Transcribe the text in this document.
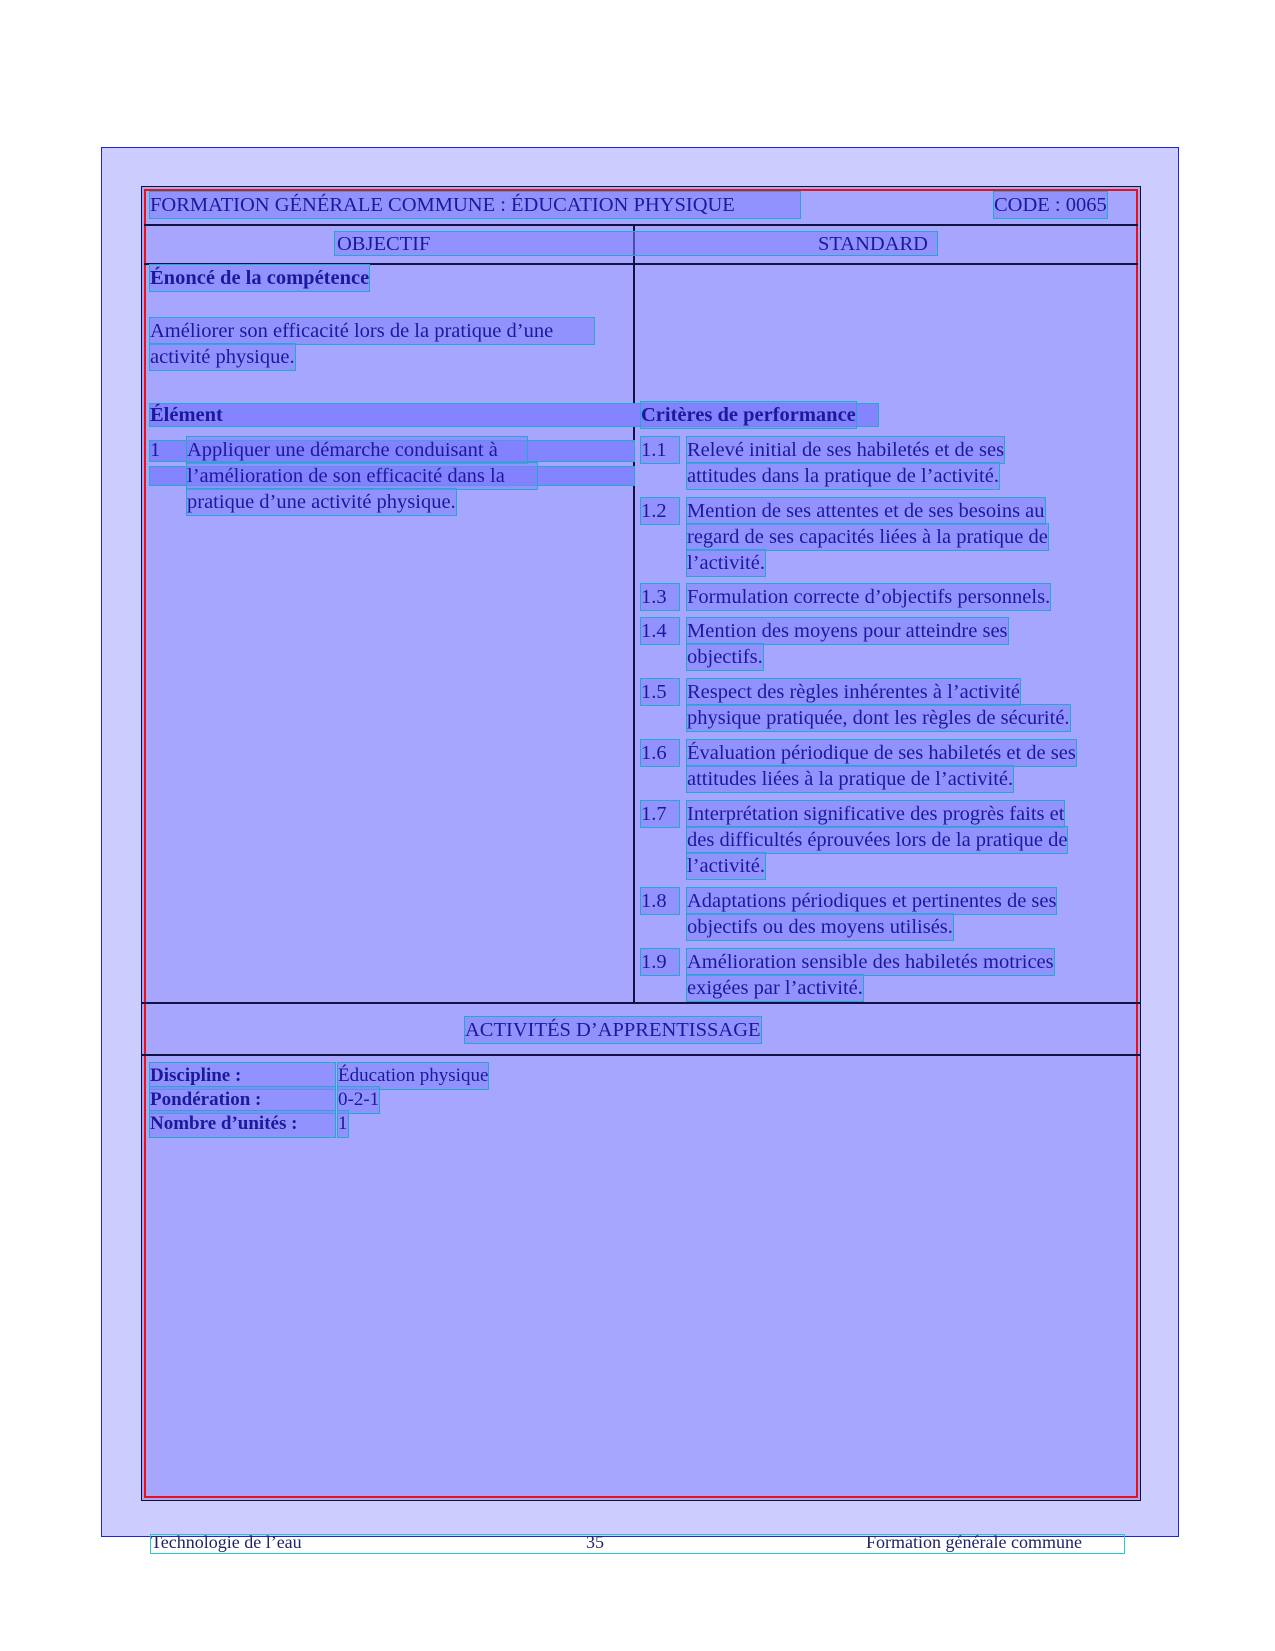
FORMATION GÉNÉRALE COMMUNE : ÉDUCATION PHYSIQUE	CODE : 0065
OBJECTIF	STANDARD
Énoncé de la compétence
Améliorer son efficacité lors de la pratique d’une
activité physique.
Élément	Critères de performance
1 Appliquer une démarche conduisant à
l’amélioration de son efficacité dans la
pratique d’une activité physique.
1.1 Relevé initial de ses habiletés et de ses
attitudes dans la pratique de l’activité.
1.2 Mention de ses attentes et de ses besoins au
regard de ses capacités liées à la pratique de
l’activité.
1.3 Formulation correcte d’objectifs personnels.
1.4 Mention des moyens pour atteindre ses
objectifs.
1.5 Respect des règles inhérentes à l’activité
physique pratiquée, dont les règles de sécurité.
1.6 Évaluation périodique de ses habiletés et de ses
attitudes liées à la pratique de l’activité.
1.7 Interprétation significative des progrès faits et
des difficultés éprouvées lors de la pratique de
l’activité.
1.8 Adaptations périodiques et pertinentes de ses
objectifs ou des moyens utilisés.
1.9 Amélioration sensible des habiletés motrices
exigées par l’activité.
ACTIVITÉS D’APPRENTISSAGE
Discipline :	Éducation physique
Pondération :	0-2-1
Nombre d’unités :	1
Technologie de l’eau	35	Formation générale commune
